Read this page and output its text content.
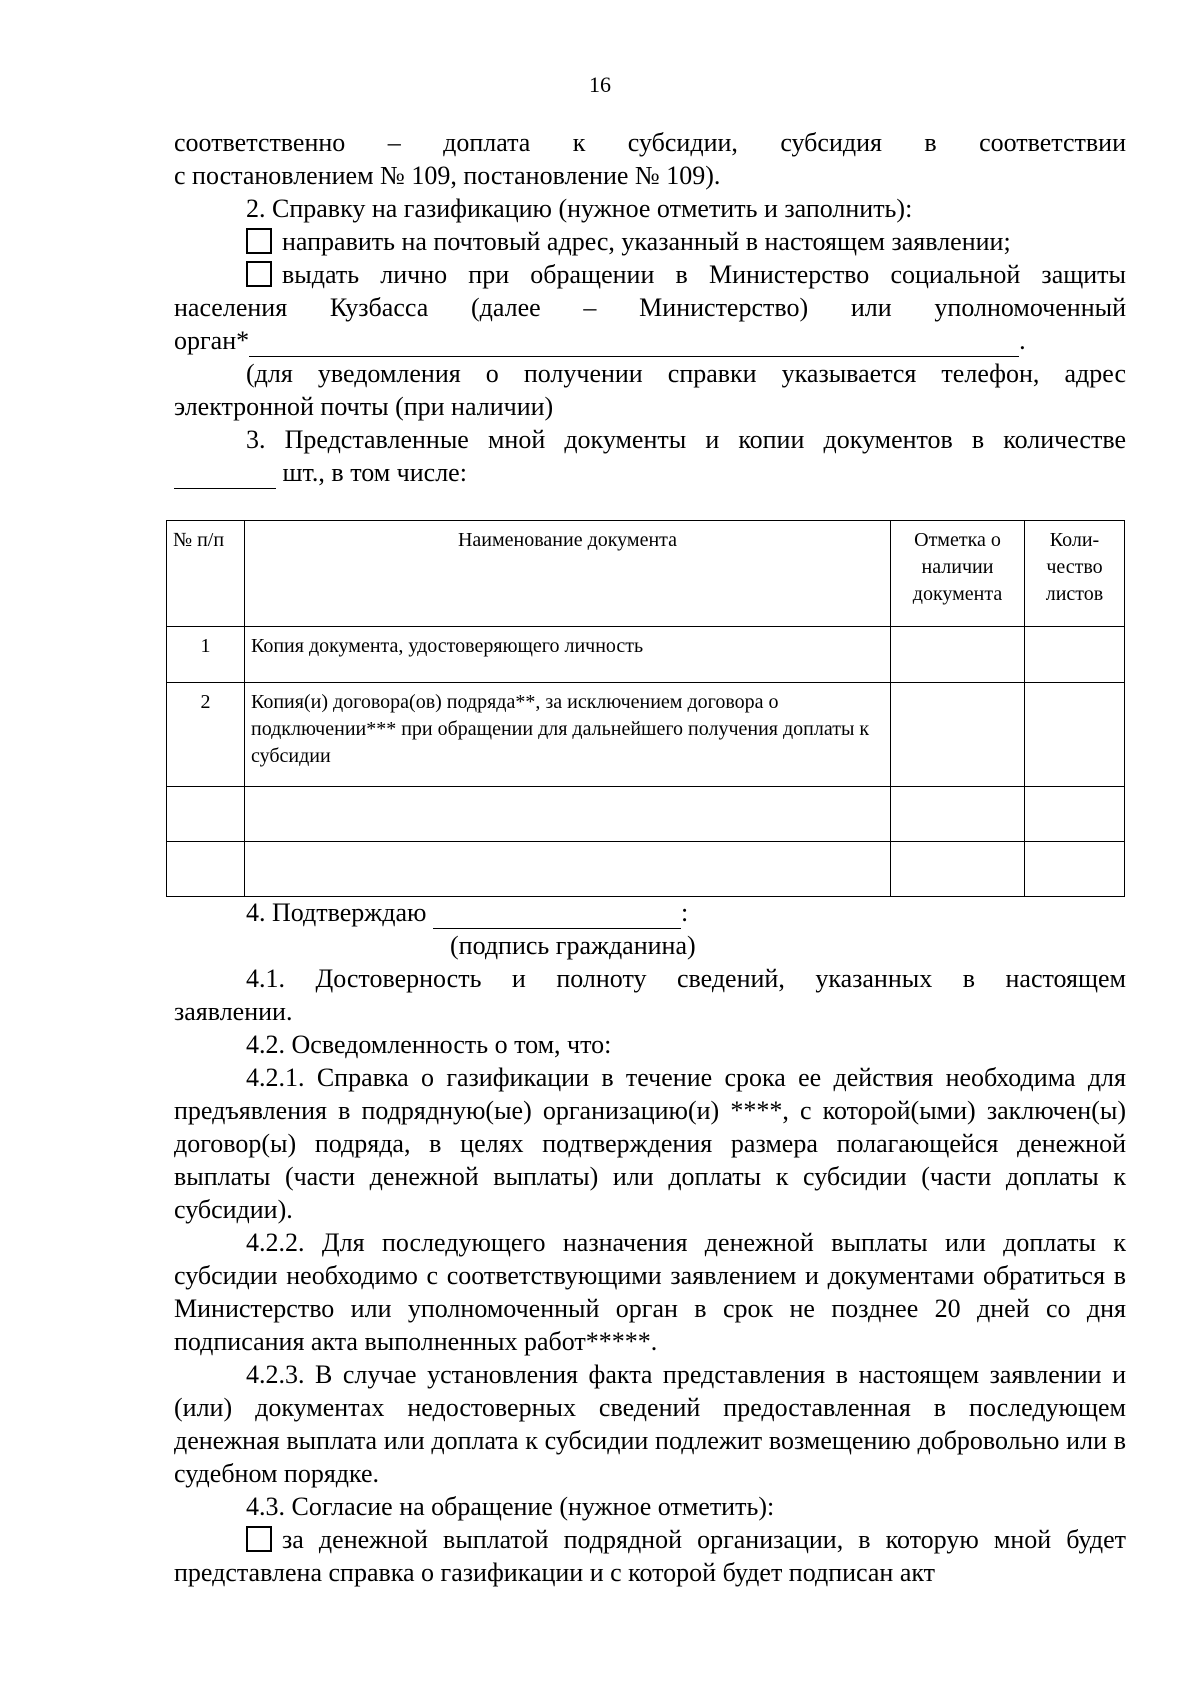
16

соответственно – доплата к субсидии, субсидия в соответствии

с постановлением № 109, постановление № 109).

2. Справку на газификацию (нужное отметить и заполнить):

направить на почтовый адрес, указанный в настоящем заявлении;

выдать лично при обращении в Министерство социальной защиты

населения Кузбасса (далее – Министерство) или уполномоченный

орган*	.

(для уведомления о получении справки указывается телефон, адрес

электронной почты (при наличии)

3. Представленные мной документы и копии документов в количестве

шт., в том числе:

№ п/п	Наименование документа	Отметка о наличии документа	Коли-чество листов
1	Копия документа, удостоверяющего личность		
2	Копия(и) договора(ов) подряда**, за исключением договора о подключении*** при обращении для дальнейшего получения доплаты к субсидии		

4. Подтверждаю	:

(подпись гражданина)

4.1. Достоверность и полноту сведений, указанных в настоящем

заявлении.

4.2. Осведомленность о том, что:

4.2.1. Справка о газификации в течение срока ее действия необходима для предъявления в подрядную(ые) организацию(и) ****, с которой(ыми) заключен(ы) договор(ы) подряда, в целях подтверждения размера полагающейся денежной выплаты (части денежной выплаты) или доплаты к субсидии (части доплаты к субсидии).

4.2.2. Для последующего назначения денежной выплаты или доплаты к субсидии необходимо с соответствующими заявлением и документами обратиться в Министерство или уполномоченный орган в срок не позднее 20 дней со дня подписания акта выполненных работ*****.

4.2.3. В случае установления факта представления в настоящем заявлении и (или) документах недостоверных сведений предоставленная в последующем денежная выплата или доплата к субсидии подлежит возмещению добровольно или в судебном порядке.

4.3. Согласие на обращение (нужное отметить):

за денежной выплатой подрядной организации, в которую мной будет представлена справка о газификации и с которой будет подписан акт
